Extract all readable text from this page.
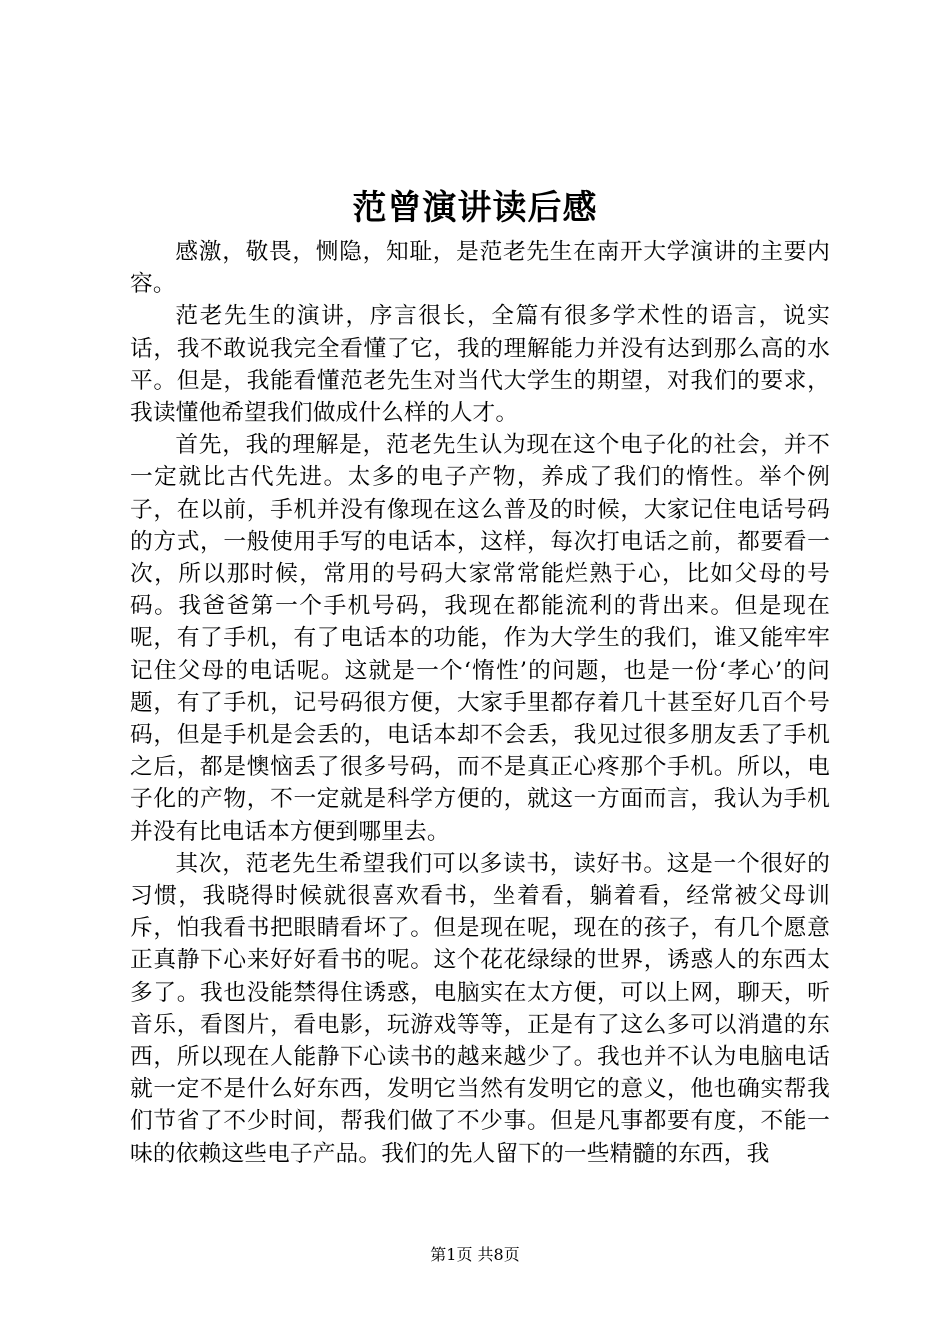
范曾演讲读后感

感激，敬畏，恻隐，知耻，是范老先生在南开大学演讲的主要内容。

范老先生的演讲，序言很长，全篇有很多学术性的语言，说实话，我不敢说我完全看懂了它，我的理解能力并没有达到那么高的水平。但是，我能看懂范老先生对当代大学生的期望，对我们的要求，我读懂他希望我们做成什么样的人才。

首先，我的理解是，范老先生认为现在这个电子化的社会，并不一定就比古代先进。太多的电子产物，养成了我们的惰性。举个例子，在以前，手机并没有像现在这么普及的时候，大家记住电话号码的方式，一般使用手写的电话本，这样，每次打电话之前，都要看一次，所以那时候，常用的号码大家常常能烂熟于心，比如父母的号码。我爸爸第一个手机号码，我现在都能流利的背出来。但是现在呢，有了手机，有了电话本的功能，作为大学生的我们，谁又能牢牢记住父母的电话呢。这就是一个‘惰性’的问题，也是一份‘孝心’的问题，有了手机，记号码很方便，大家手里都存着几十甚至好几百个号码，但是手机是会丢的，电话本却不会丢，我见过很多朋友丢了手机之后，都是懊恼丢了很多号码，而不是真正心疼那个手机。所以，电子化的产物，不一定就是科学方便的，就这一方面而言，我认为手机并没有比电话本方便到哪里去。

其次，范老先生希望我们可以多读书，读好书。这是一个很好的习惯，我晓得时候就很喜欢看书，坐着看，躺着看，经常被父母训斥，怕我看书把眼睛看坏了。但是现在呢，现在的孩子，有几个愿意正真静下心来好好看书的呢。这个花花绿绿的世界，诱惑人的东西太多了。我也没能禁得住诱惑，电脑实在太方便，可以上网，聊天，听音乐，看图片，看电影，玩游戏等等，正是有了这么多可以消遣的东西，所以现在人能静下心读书的越来越少了。我也并不认为电脑电话就一定不是什么好东西，发明它当然有发明它的意义，他也确实帮我们节省了不少时间，帮我们做了不少事。但是凡事都要有度，不能一味的依赖这些电子产品。我们的先人留下的一些精髓的东西，我

第1页 共8页
